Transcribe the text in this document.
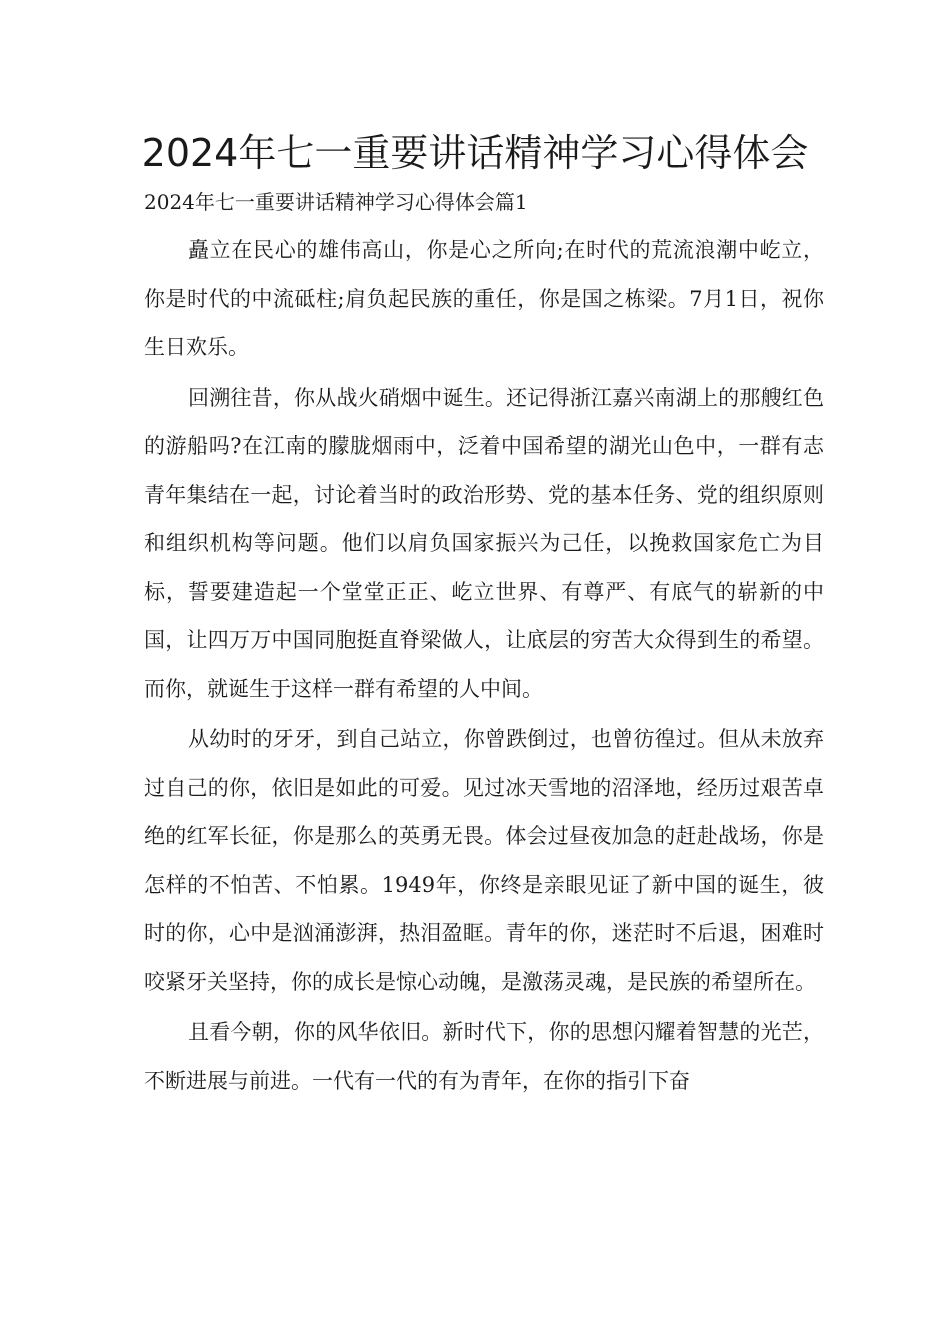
2024年七一重要讲话精神学习心得体会

2024年七一重要讲话精神学习心得体会篇1

矗立在民心的雄伟高山，你是心之所向;在时代的荒流浪潮中屹立，你是时代的中流砥柱;肩负起民族的重任，你是国之栋梁。7月1日，祝你生日欢乐。

回溯往昔，你从战火硝烟中诞生。还记得浙江嘉兴南湖上的那艘红色的游船吗?在江南的朦胧烟雨中，泛着中国希望的湖光山色中，一群有志青年集结在一起，讨论着当时的政治形势、党的基本任务、党的组织原则和组织机构等问题。他们以肩负国家振兴为己任，以挽救国家危亡为目标，誓要建造起一个堂堂正正、屹立世界、有尊严、有底气的崭新的中国，让四万万中国同胞挺直脊梁做人，让底层的穷苦大众得到生的希望。而你，就诞生于这样一群有希望的人中间。

从幼时的牙牙，到自己站立，你曾跌倒过，也曾彷徨过。但从未放弃过自己的你，依旧是如此的可爱。见过冰天雪地的沼泽地，经历过艰苦卓绝的红军长征，你是那么的英勇无畏。体会过昼夜加急的赶赴战场，你是怎样的不怕苦、不怕累。1949年，你终是亲眼见证了新中国的诞生，彼时的你，心中是汹涌澎湃，热泪盈眶。青年的你，迷茫时不后退，困难时咬紧牙关坚持，你的成长是惊心动魄，是激荡灵魂，是民族的希望所在。

且看今朝，你的风华依旧。新时代下，你的思想闪耀着智慧的光芒，不断进展与前进。一代有一代的有为青年，在你的指引下奋
